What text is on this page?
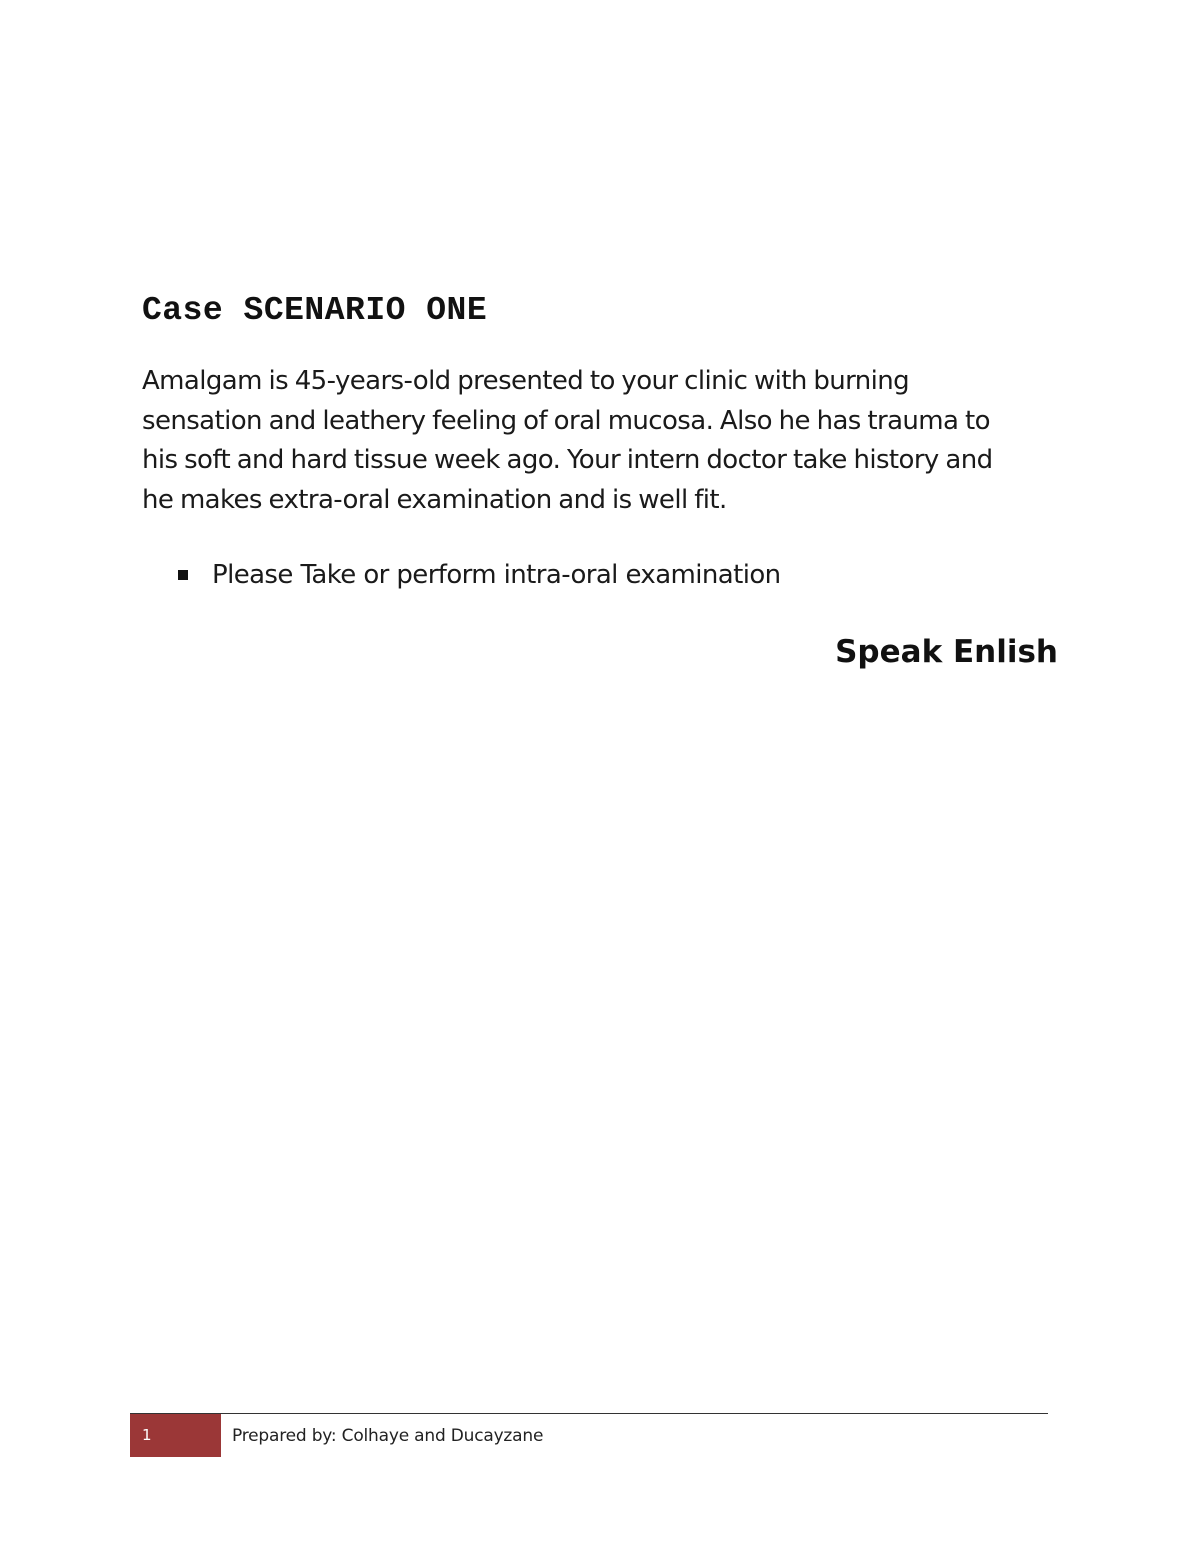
Case SCENARIO ONE
Amalgam is 45-years-old presented to your clinic with burning
sensation and leathery feeling of oral mucosa. Also he has trauma to
his soft and hard tissue week ago. Your intern doctor take history and
he makes extra-oral examination and is well fit.
Please Take or perform intra-oral examination
Speak Enlish
1	Prepared by: Colhaye and Ducayzane
